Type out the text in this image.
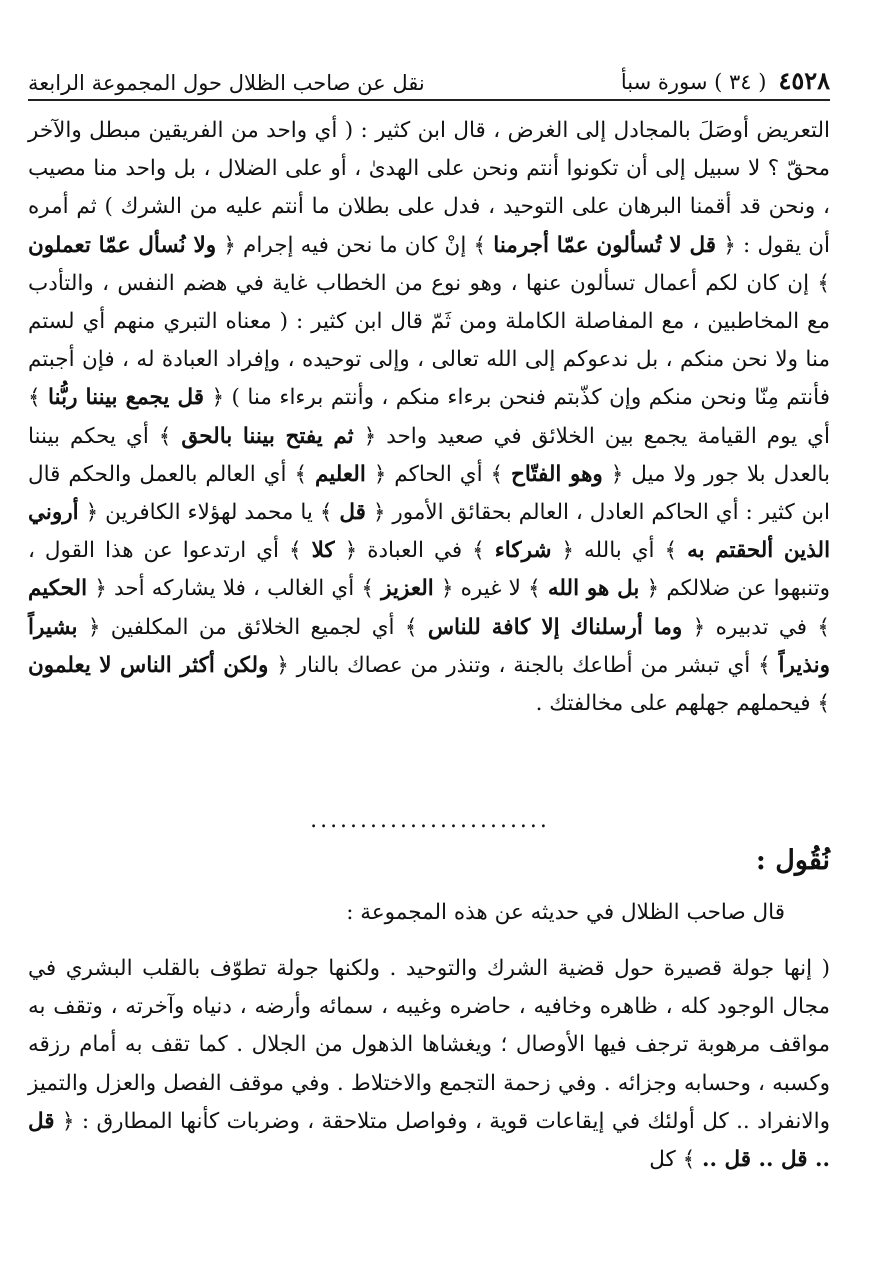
٤٥٢٨
( ٣٤ ) سورة سبأ
نقل عن صاحب الظلال حول المجموعة الرابعة

التعريض أوصَلَ بالمجادل إلى الغرض ، قال ابن كثير : ( أي واحد من الفريقين مبطل والآخر محقّ ؟ لا سبيل إلى أن تكونوا أنتم ونحن على الهدىٰ ، أو على الضلال ، بل واحد منا مصيب ، ونحن قد أقمنا البرهان على التوحيد ، فدل على بطلان ما أنتم عليه من الشرك ) ثم أمره أن يقول : ﴿ قل لا تُسألون عمّا أجرمنا ﴾ إنْ كان ما نحن فيه إجرام ﴿ ولا نُسأل عمّا تعملون ﴾ إن كان لكم أعمال تسألون عنها ، وهو نوع من الخطاب غاية في هضم النفس ، والتأدب مع المخاطبين ، مع المفاصلة الكاملة ومن ثَمّ قال ابن كثير : ( معناه التبري منهم أي لستم منا ولا نحن منكم ، بل ندعوكم إلى الله تعالى ، وإلى توحيده ، وإفراد العبادة له ، فإن أجبتم فأنتم مِنّا ونحن منكم وإن كذّبتم فنحن برءاء منكم ، وأنتم برءاء منا ) ﴿ قل يجمع بيننا ربُّنا ﴾ أي يوم القيامة يجمع بين الخلائق في صعيد واحد ﴿ ثم يفتح بيننا بالحق ﴾ أي يحكم بيننا بالعدل بلا جور ولا ميل ﴿ وهو الفتّاح ﴾ أي الحاكم ﴿ العليم ﴾ أي العالم بالعمل والحكم قال ابن كثير : أي الحاكم العادل ، العالم بحقائق الأمور ﴿ قل ﴾ يا محمد لهؤلاء الكافرين ﴿ أروني الذين ألحقتم به ﴾ أي بالله ﴿ شركاء ﴾ في العبادة ﴿ كلا ﴾ أي ارتدعوا عن هذا القول ، وتنبهوا عن ضلالكم ﴿ بل هو الله ﴾ لا غيره ﴿ العزيز ﴾ أي الغالب ، فلا يشاركه أحد ﴿ الحكيم ﴾ في تدبيره ﴿ وما أرسلناك إلا كافة للناس ﴾ أي لجميع الخلائق من المكلفين ﴿ بشيراً ونذيراً ﴾ أي تبشر من أطاعك بالجنة ، وتنذر من عصاك بالنار ﴿ ولكن أكثر الناس لا يعلمون ﴾ فيحملهم جهلهم على مخالفتك .

........................
نُقُول :

قال صاحب الظلال في حديثه عن هذه المجموعة :

( إنها جولة قصيرة حول قضية الشرك والتوحيد . ولكنها جولة تطوّف بالقلب البشري في مجال الوجود كله ، ظاهره وخافيه ، حاضره وغيبه ، سمائه وأرضه ، دنياه وآخرته ، وتقف به مواقف مرهوبة ترجف فيها الأوصال ؛ ويغشاها الذهول من الجلال . كما تقف به أمام رزقه وكسبه ، وحسابه وجزائه . وفي زحمة التجمع والاختلاط . وفي موقف الفصل والعزل والتميز والانفراد .. كل أولئك في إيقاعات قوية ، وفواصل متلاحقة ، وضربات كأنها المطارق : ﴿ قل .. قل .. قل .. ﴾ كل
